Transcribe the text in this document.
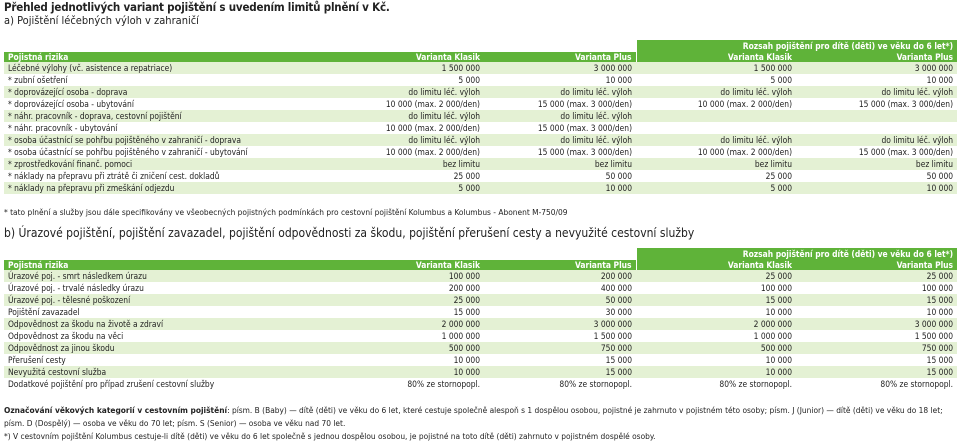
Přehled jednotlivých variant pojištění s uvedením limitů plnění v Kč.
a) Pojištění léčebných výloh v zahraničí
			Rozsah pojištění pro dítě (děti) ve věku do 6 let*)	
Pojistná rizika	Varianta Klasik	Varianta Plus	Varianta Klasik	Varianta Plus
Léčebné výlohy (vč. asistence a repatriace)	1 500 000	3 000 000	1 500 000	3 000 000
* zubní ošetření	5 000	10 000	5 000	10 000
* doprovázející osoba - doprava	do limitu léč. výloh	do limitu léč. výloh	do limitu léč. výloh	do limitu léč. výloh
* doprovázející osoba - ubytování	10 000 (max. 2 000/den)	15 000 (max. 3 000/den)	10 000 (max. 2 000/den)	15 000 (max. 3 000/den)
* náhr. pracovník - doprava, cestovní pojištění	do limitu léč. výloh	do limitu léč. výloh		
* náhr. pracovník - ubytování	10 000 (max. 2 000/den)	15 000 (max. 3 000/den)		
* osoba účastnící se pohřbu pojištěného v zahraničí - doprava	do limitu léč. výloh	do limitu léč. výloh	do limitu léč. výloh	do limitu léč. výloh
* osoba účastnící se pohřbu pojištěného v zahraničí - ubytování	10 000 (max. 2 000/den)	15 000 (max. 3 000/den)	10 000 (max. 2 000/den)	15 000 (max. 3 000/den)
* zprostředkování finanč. pomoci	bez limitu	bez limitu	bez limitu	bez limitu
* náklady na přepravu při ztrátě či zničení cest. dokladů	25 000	50 000	25 000	50 000
* náklady na přepravu při zmeškání odjezdu	5 000	10 000	5 000	10 000
* tato plnění a služby jsou dále specifikovány ve všeobecných pojistných podmínkách pro cestovní pojištění Kolumbus a Kolumbus - Abonent M-750/09
b) Úrazové pojištění, pojištění zavazadel, pojištění odpovědnosti za škodu, pojištění přerušení cesty a nevyužité cestovní služby
			Rozsah pojištění pro dítě (děti) ve věku do 6 let*)	
Pojistná rizika	Varianta Klasik	Varianta Plus	Varianta Klasik	Varianta Plus
Úrazové poj. - smrt následkem úrazu	100 000	200 000	25 000	25 000
Úrazové poj. - trvalé následky úrazu	200 000	400 000	100 000	100 000
Úrazové poj. - tělesné poškození	25 000	50 000	15 000	15 000
Pojištění zavazadel	15 000	30 000	10 000	10 000
Odpovědnost za škodu na životě a zdraví	2 000 000	3 000 000	2 000 000	3 000 000
Odpovědnost za škodu na věci	1 000 000	1 500 000	1 000 000	1 500 000
Odpovědnost za jinou škodu	500 000	750 000	500 000	750 000
Přerušení cesty	10 000	15 000	10 000	15 000
Nevyužitá cestovní služba	10 000	15 000	10 000	15 000
Dodatkové pojištění pro případ zrušení cestovní služby	80% ze stornopopl.	80% ze stornopopl.	80% ze stornopopl.	80% ze stornopopl.
Označování věkových kategorií v cestovním pojištění: písm. B (Baby) — dítě (děti) ve věku do 6 let, které cestuje společně alespoň s 1 dospělou osobou, pojistné je zahrnuto v pojistném této osoby; písm. J (Junior) — dítě (děti) ve věku do 18 let;
písm. D (Dospělý) — osoba ve věku do 70 let; písm. S (Senior) — osoba ve věku nad 70 let.
*) V cestovním pojištění Kolumbus cestuje-li dítě (děti) ve věku do 6 let společně s jednou dospělou osobou, je pojistné na toto dítě (děti) zahrnuto v pojistném dospělé osoby.
